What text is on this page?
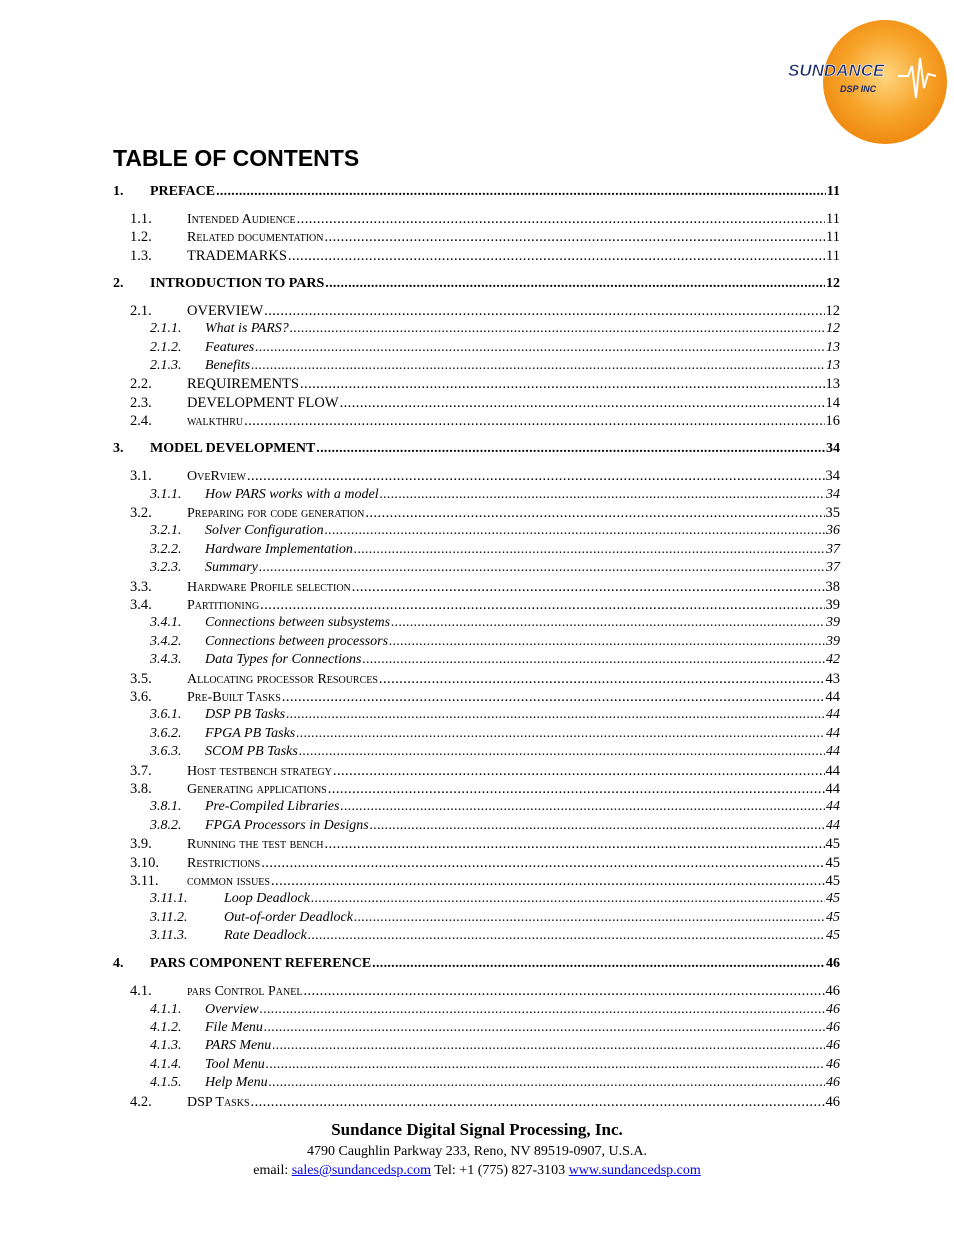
SUNDANCE
DSP INC
TABLE OF CONTENTS
1. PREFACE . . .	11
1.1.	Intended Audience . . .	11
1.2.	Related documentation . . .	11
1.3. TRADEMARKS . . .	11
2. INTRODUCTION TO PARS . . .	12
2.1. OVERVIEW . . .	12
2.1.1. What is PARS? . . .	12
2.1.2. Features . . .	13
2.1.3. Benefits . . .	13
2.2. REQUIREMENTS . . .	13
2.3. DEVELOPMENT FLOW . . .	14
2.4.	walkthru . . .	16
3. MODEL DEVELOPMENT . . .	34
3.1.	OveRview . . .	34
3.1.1. How PARS works with a model . . .	34
3.2.	Preparing for code generation . . .	35
3.2.1. Solver Configuration . . .	36
3.2.2. Hardware Implementation . . .	37
3.2.3. Summary . . .	37
3.3.	Hardware Profile selection . . .	38
3.4.	Partitioning . . .	39
3.4.1. Connections between subsystems . . .	39
3.4.2. Connections between processors . . .	39
3.4.3. Data Types for Connections . . .	42
3.5.	Allocating processor Resources . . .	43
3.6.	Pre-Built Tasks . . .	44
3.6.1. DSP PB Tasks . . .	44
3.6.2. FPGA PB Tasks . . .	44
3.6.3. SCOM PB Tasks . . .	44
3.7.	Host testbench strategy . . .	44
3.8.	Generating applications . . .	44
3.8.1. Pre-Compiled Libraries . . .	44
3.8.2. FPGA Processors in Designs . . .	44
3.9.	Running the test bench . . .	45
3.10. Restrictions . . .	45
3.11. common issues . . .	45
3.11.1.	Loop Deadlock . . .	45
3.11.2.	Out-of-order Deadlock . . .	45
3.11.3.	Rate Deadlock . . .	45
4. PARS COMPONENT REFERENCE . . .	46
4.1.	pars Control Panel . . .	46
4.1.1. Overview . . .	46
4.1.2. File Menu . . .	46
4.1.3. PARS Menu . . .	46
4.1.4. Tool Menu . . .	46
4.1.5. Help Menu . . .	46
4.2.	DSP Tasks . . .	46

Sundance Digital Signal Processing, Inc.

4790 Caughlin Parkway 233, Reno, NV 89519-0907, U.S.A.

email: sales@sundancedsp.com Tel: +1 (775) 827-3103 www.sundancedsp.com
